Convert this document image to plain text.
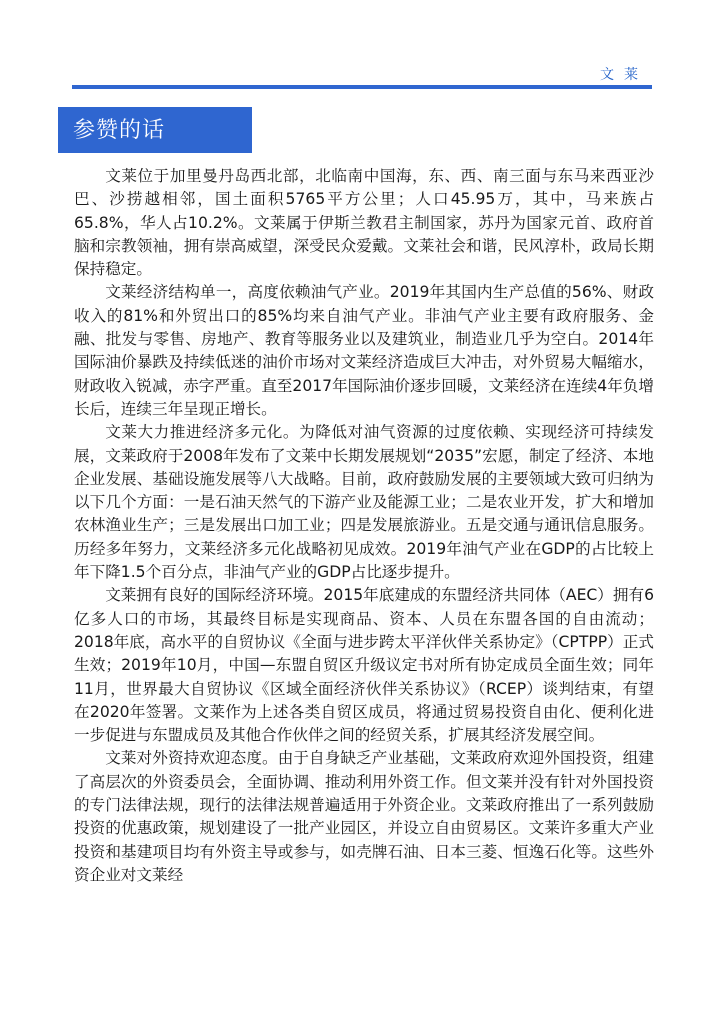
文莱
参赞的话

文莱位于加里曼丹岛西北部，北临南中国海，东、西、南三面与东马来西亚沙巴、沙捞越相邻，国土面积5765平方公里；人口45.95万，其中，马来族占65.8%，华人占10.2%。文莱属于伊斯兰教君主制国家，苏丹为国家元首、政府首脑和宗教领袖，拥有崇高威望，深受民众爱戴。文莱社会和谐，民风淳朴，政局长期保持稳定。

文莱经济结构单一，高度依赖油气产业。2019年其国内生产总值的56%、财政收入的81%和外贸出口的85%均来自油气产业。非油气产业主要有政府服务、金融、批发与零售、房地产、教育等服务业以及建筑业，制造业几乎为空白。2014年国际油价暴跌及持续低迷的油价市场对文莱经济造成巨大冲击，对外贸易大幅缩水，财政收入锐减，赤字严重。直至2017年国际油价逐步回暖，文莱经济在连续4年负增长后，连续三年呈现正增长。

文莱大力推进经济多元化。为降低对油气资源的过度依赖、实现经济可持续发展，文莱政府于2008年发布了文莱中长期发展规划“2035”宏愿，制定了经济、本地企业发展、基础设施发展等八大战略。目前，政府鼓励发展的主要领域大致可归纳为以下几个方面：一是石油天然气的下游产业及能源工业；二是农业开发，扩大和增加农林渔业生产；三是发展出口加工业；四是发展旅游业。五是交通与通讯信息服务。历经多年努力，文莱经济多元化战略初见成效。2019年油气产业在GDP的占比较上年下降1.5个百分点，非油气产业的GDP占比逐步提升。

文莱拥有良好的国际经济环境。2015年底建成的东盟经济共同体（AEC）拥有6亿多人口的市场，其最终目标是实现商品、资本、人员在东盟各国的自由流动；2018年底，高水平的自贸协议《全面与进步跨太平洋伙伴关系协定》（CPTPP）正式生效；2019年10月，中国—东盟自贸区升级议定书对所有协定成员全面生效；同年11月，世界最大自贸协议《区域全面经济伙伴关系协议》（RCEP）谈判结束，有望在2020年签署。文莱作为上述各类自贸区成员，将通过贸易投资自由化、便利化进一步促进与东盟成员及其他合作伙伴之间的经贸关系，扩展其经济发展空间。

文莱对外资持欢迎态度。由于自身缺乏产业基础，文莱政府欢迎外国投资，组建了高层次的外资委员会，全面协调、推动利用外资工作。但文莱并没有针对外国投资的专门法律法规，现行的法律法规普遍适用于外资企业。文莱政府推出了一系列鼓励投资的优惠政策，规划建设了一批产业园区，并设立自由贸易区。文莱许多重大产业投资和基建项目均有外资主导或参与，如壳牌石油、日本三菱、恒逸石化等。这些外资企业对文莱经
